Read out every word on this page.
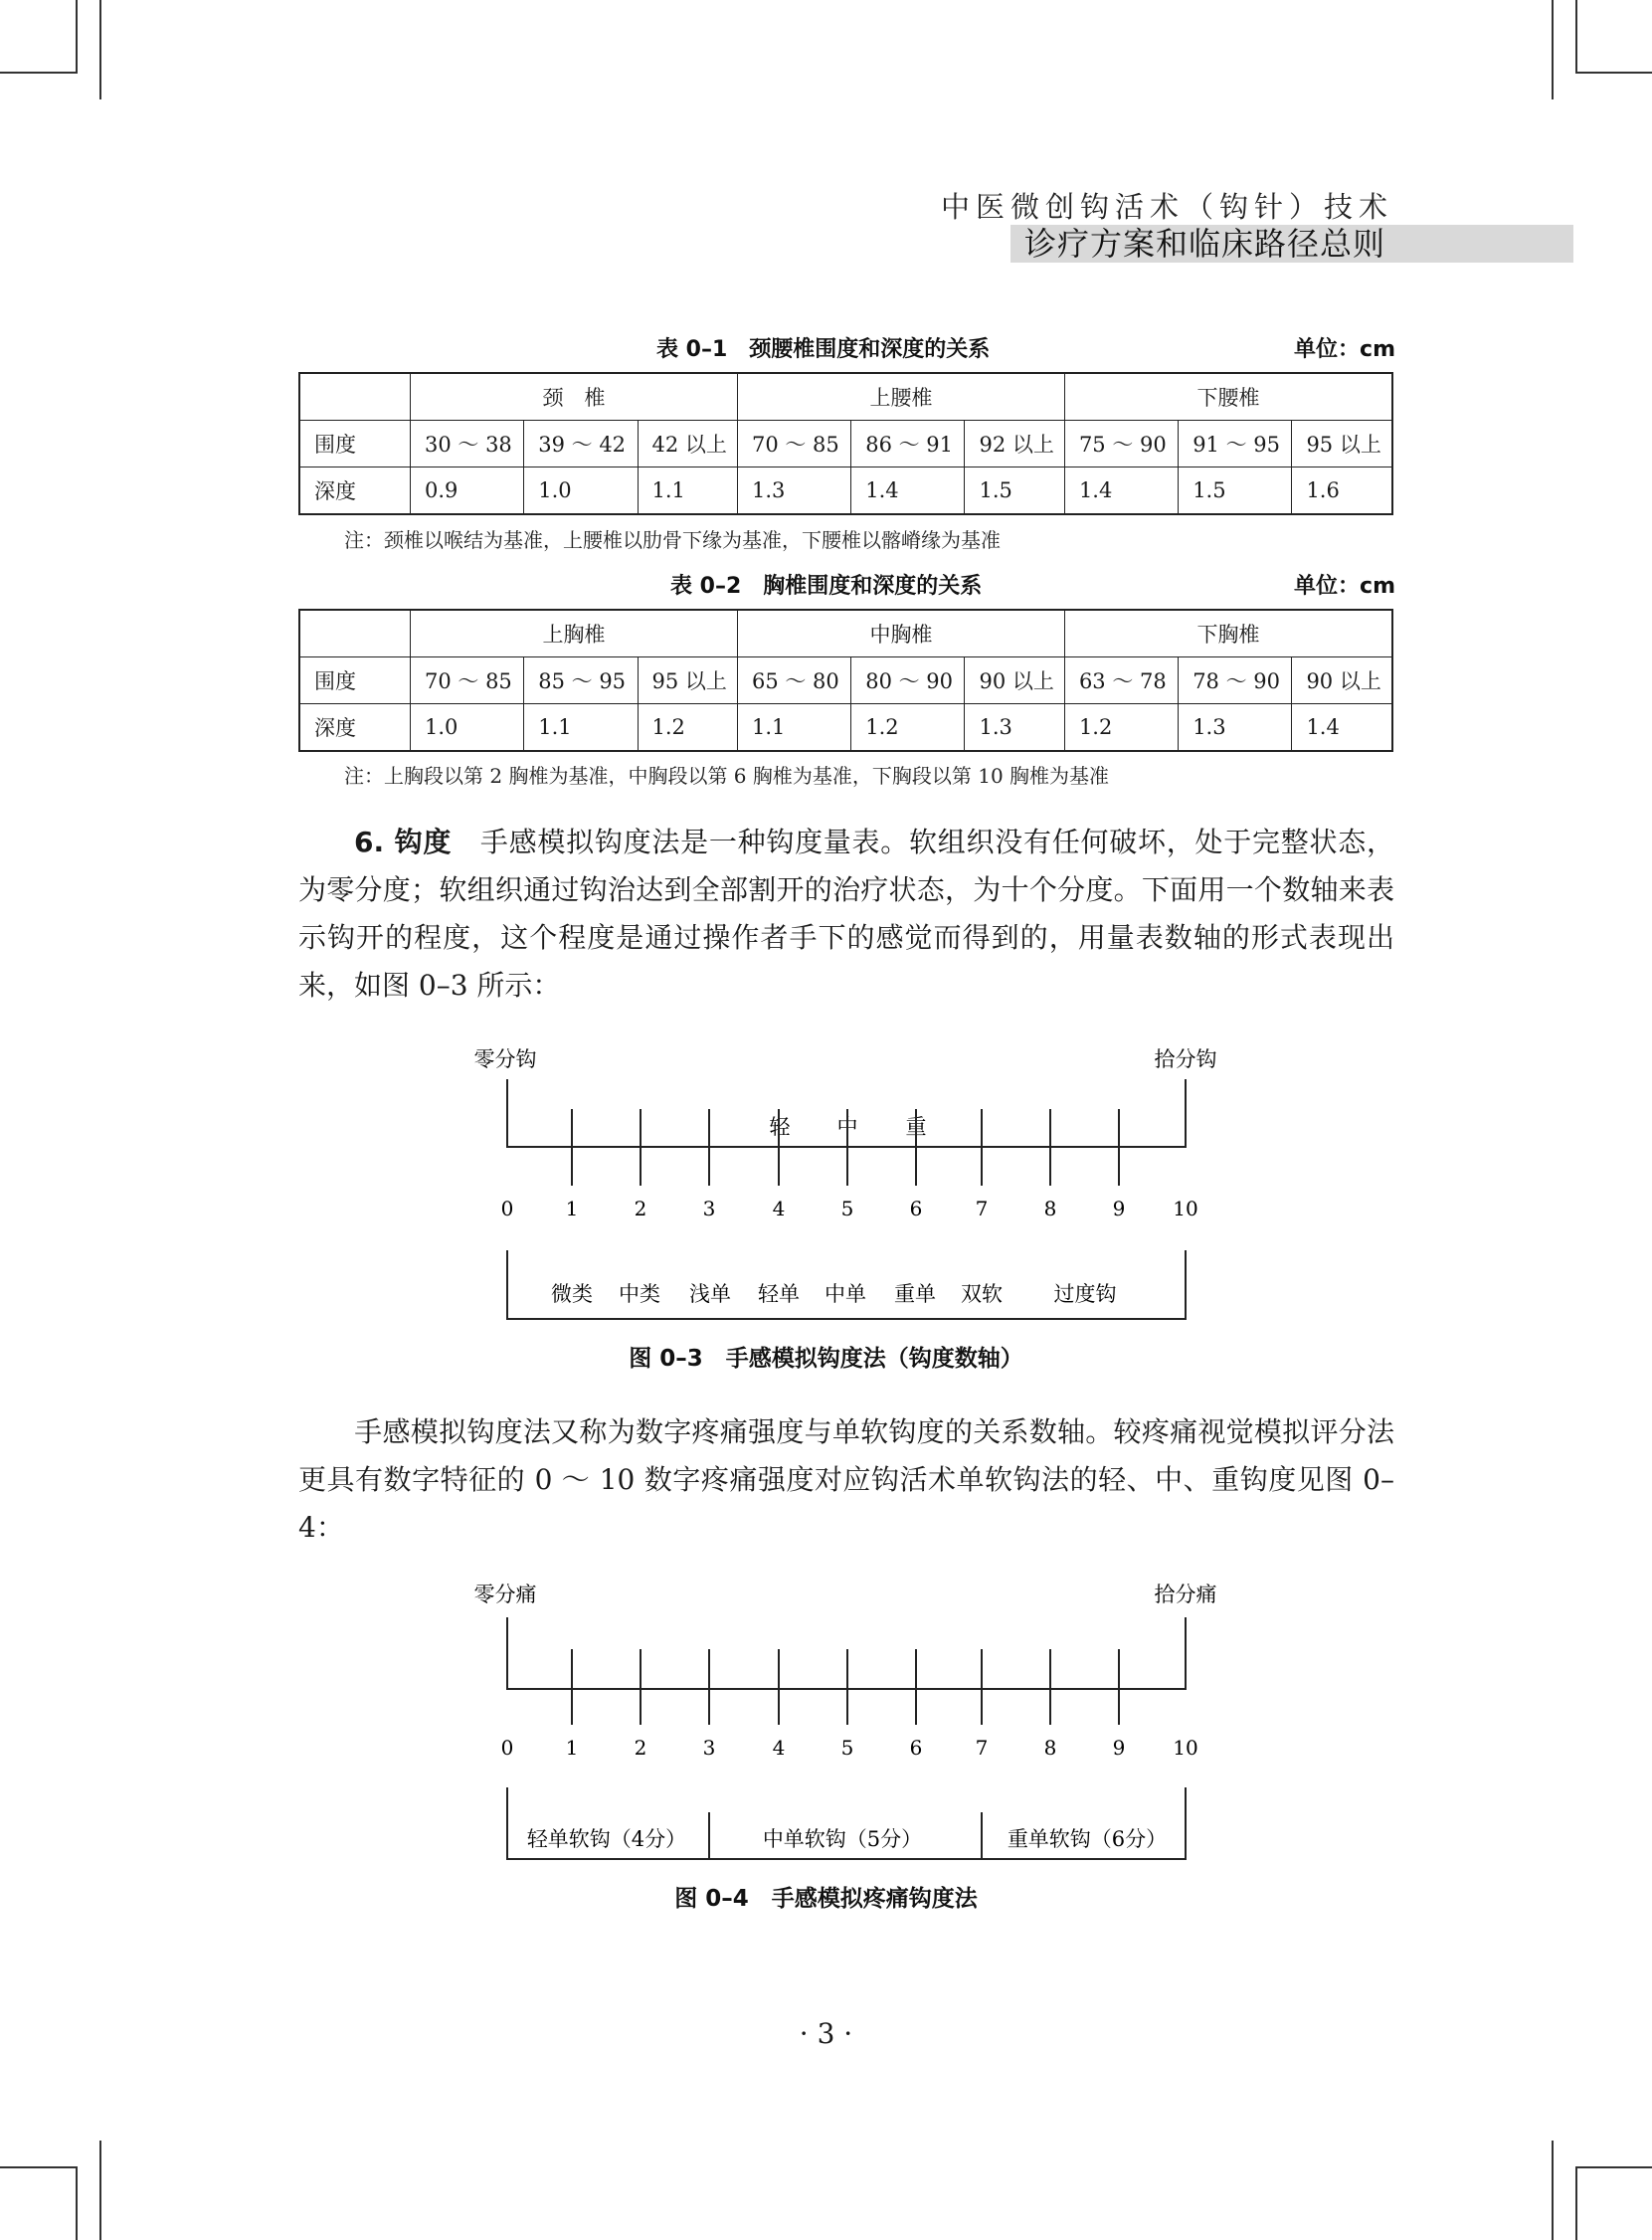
中医微创钩活术（钩针）技术
诊疗方案和临床路径总则
表 0–1　颈腰椎围度和深度的关系	单位：cm
	颈　椎			上腰椎			下腰椎		
围度	30 ～ 38	39 ～ 42	42 以上	70 ～ 85	86 ～ 91	92 以上	75 ～ 90	91 ～ 95	95 以上
深度	0.9	1.0	1.1	1.3	1.4	1.5	1.4	1.5	1.6
注：颈椎以喉结为基准，上腰椎以肋骨下缘为基准，下腰椎以髂嵴缘为基准
表 0–2　胸椎围度和深度的关系	单位：cm
	上胸椎			中胸椎			下胸椎		
围度	70 ～ 85	85 ～ 95	95 以上	65 ～ 80	80 ～ 90	90 以上	63 ～ 78	78 ～ 90	90 以上
深度	1.0	1.1	1.2	1.1	1.2	1.3	1.2	1.3	1.4
注：上胸段以第 2 胸椎为基准，中胸段以第 6 胸椎为基准，下胸段以第 10 胸椎为基准
6. 钩度　手感模拟钩度法是一种钩度量表。软组织没有任何破坏，处于完整状态，为零分度；软组织通过钩治达到全部割开的治疗状态，为十个分度。下面用一个数轴来表示钩开的程度，这个程度是通过操作者手下的感觉而得到的，用量表数轴的形式表现出来，如图 0–3 所示：
零分钩	拾分钩
轻 中 重
0	1	2	3	4	5	6	7	8	9 10
微类 中类 浅单 轻单 中单 重单 双软 过度钩
图 0–3　手感模拟钩度法（钩度数轴）
手感模拟钩度法又称为数字疼痛强度与单软钩度的关系数轴。较疼痛视觉模拟评分法更具有数字特征的 0 ～ 10 数字疼痛强度对应钩活术单软钩法的轻、中、重钩度见图 0–4：
零分痛	拾分痛
0	1	2	3	4	5	6	7	8	9 10
轻单软钩（4分）	中单软钩（5分）	重单软钩（6分）
图 0–4　手感模拟疼痛钩度法
· 3 ·
